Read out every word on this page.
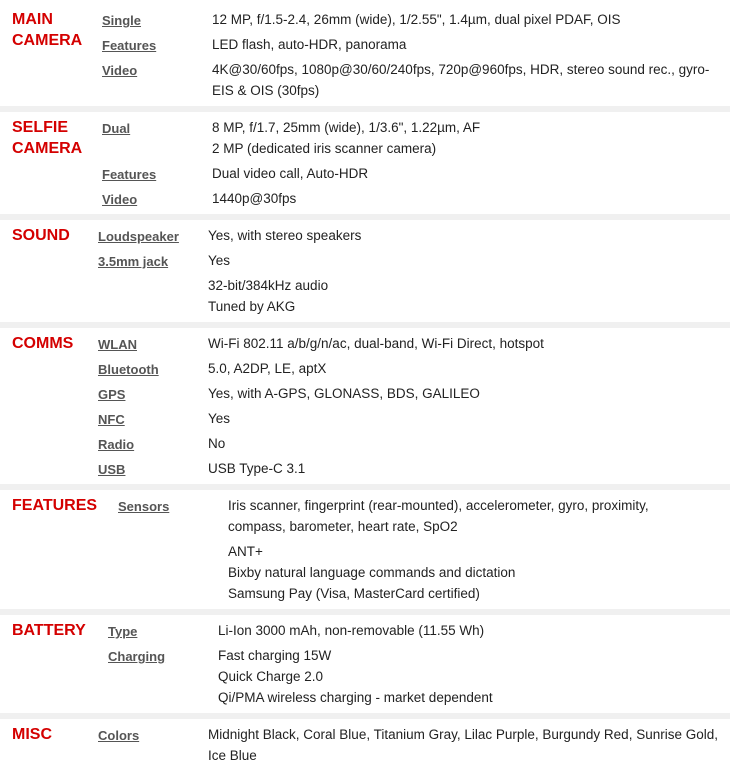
MAIN
CAMERA
Single	12 MP, f/1.5-2.4, 26mm (wide), 1/2.55", 1.4µm, dual pixel PDAF, OIS
Features	LED flash, auto-HDR, panorama
Video	4K@30/60fps, 1080p@30/60/240fps, 720p@960fps, HDR, stereo sound rec., gyro-EIS & OIS (30fps)
SELFIE
CAMERA
Dual	8 MP, f/1.7, 25mm (wide), 1/3.6", 1.22µm, AF
2 MP (dedicated iris scanner camera)
Features	Dual video call, Auto-HDR
Video	1440p@30fps
SOUND	Loudspeaker	Yes, with stereo speakers
3.5mm jack	Yes
32-bit/384kHz audio
Tuned by AKG
COMMS	WLAN	Wi-Fi 802.11 a/b/g/n/ac, dual-band, Wi-Fi Direct, hotspot
Bluetooth	5.0, A2DP, LE, aptX
GPS	Yes, with A-GPS, GLONASS, BDS, GALILEO
NFC	Yes
Radio	No
USB	USB Type-C 3.1
FEATURES	Sensors	Iris scanner, fingerprint (rear-mounted), accelerometer, gyro, proximity, compass, barometer, heart rate, SpO2
ANT+
Bixby natural language commands and dictation
Samsung Pay (Visa, MasterCard certified)
BATTERY	Type	Li-Ion 3000 mAh, non-removable (11.55 Wh)
Charging	Fast charging 15W
Quick Charge 2.0
Qi/PMA wireless charging - market dependent
MISC	Colors	Midnight Black, Coral Blue, Titanium Gray, Lilac Purple, Burgundy Red, Sunrise Gold, Ice Blue
